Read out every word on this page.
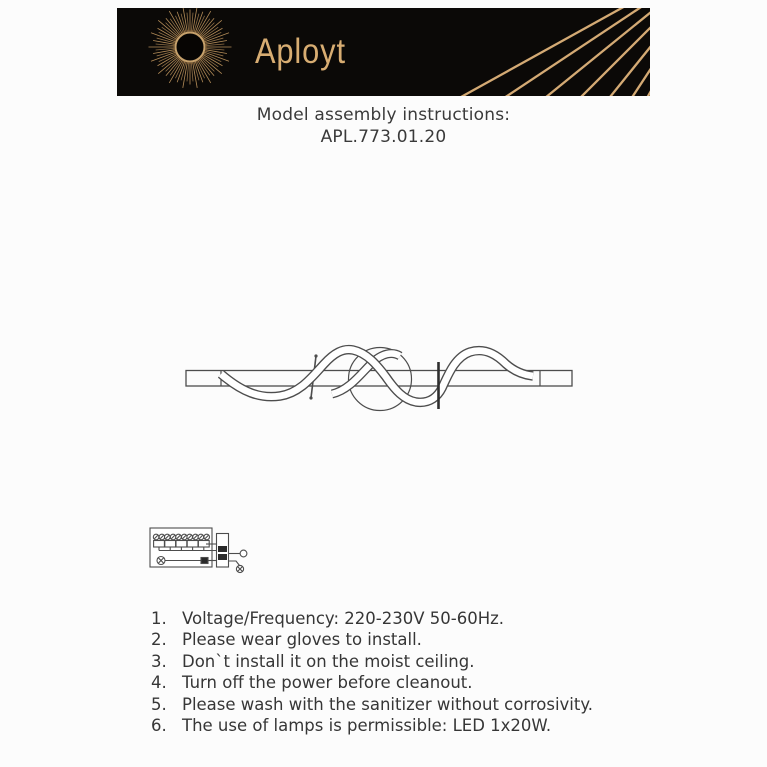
Aployt
Model assembly instructions:
APL.773.01.20
1. Voltage/Frequency: 220-230V 50-60Hz.
2. Please wear gloves to install.
3. Don`t install it on the moist ceiling.
4. Turn off the power before cleanout.
5. Please wash with the sanitizer without corrosivity.
6. The use of lamps is permissible: LED 1x20W.
